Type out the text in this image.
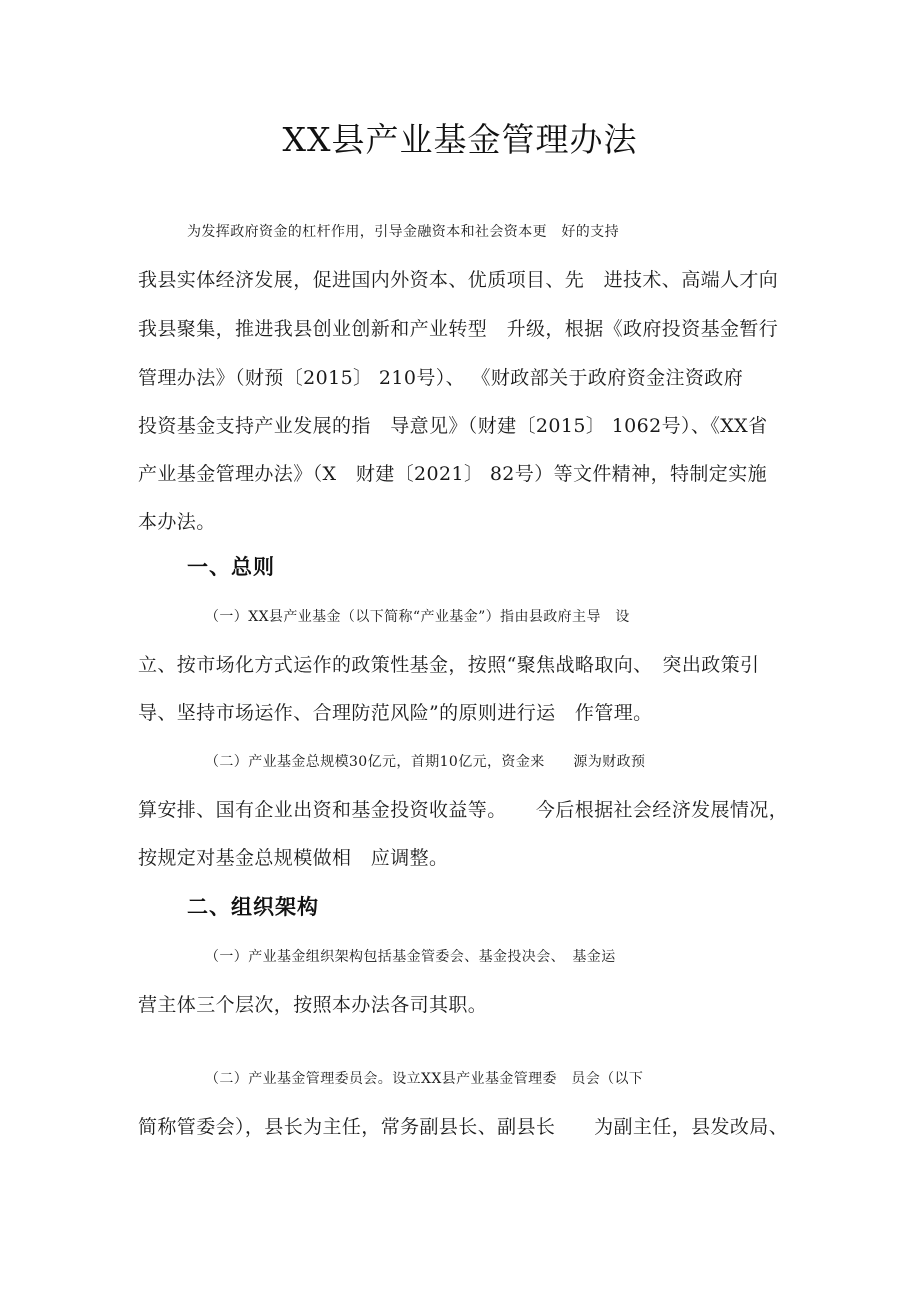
XX县产业基金管理办法
为发挥政府资金的杠杆作用，引导金融资本和社会资本更　好的支持
我县实体经济发展，促进国内外资本、优质项目、先　进技术、高端人才向
我县聚集，推进我县创业创新和产业转型　升级，根据《政府投资基金暂行
管理办法》（财预〔2015〕 210号）、 《财政部关于政府资金注资政府
投资基金支持产业发展的指　导意见》（财建〔2015〕 1062号）、《XX省
产业基金管理办法》（X　财建〔2021〕 82号）等文件精神，特制定实施
本办法。
一、总则
（一）XX县产业基金（以下简称“产业基金”）指由县政府主导　设
立、按市场化方式运作的政策性基金，按照“聚焦战略取向、　突出政策引
导、坚持市场运作、合理防范风险”的原则进行运　作管理。
（二）产业基金总规模30亿元，首期10亿元，资金来　　源为财政预
算安排、国有企业出资和基金投资收益等。　　今后根据社会经济发展情况，
按规定对基金总规模做相　应调整。
二、组织架构
（一）产业基金组织架构包括基金管委会、基金投决会、　基金运
营主体三个层次，按照本办法各司其职。
（二）产业基金管理委员会。设立XX县产业基金管理委　员会（以下
简称管委会），县长为主任，常务副县长、副县长　　为副主任，县发改局、
